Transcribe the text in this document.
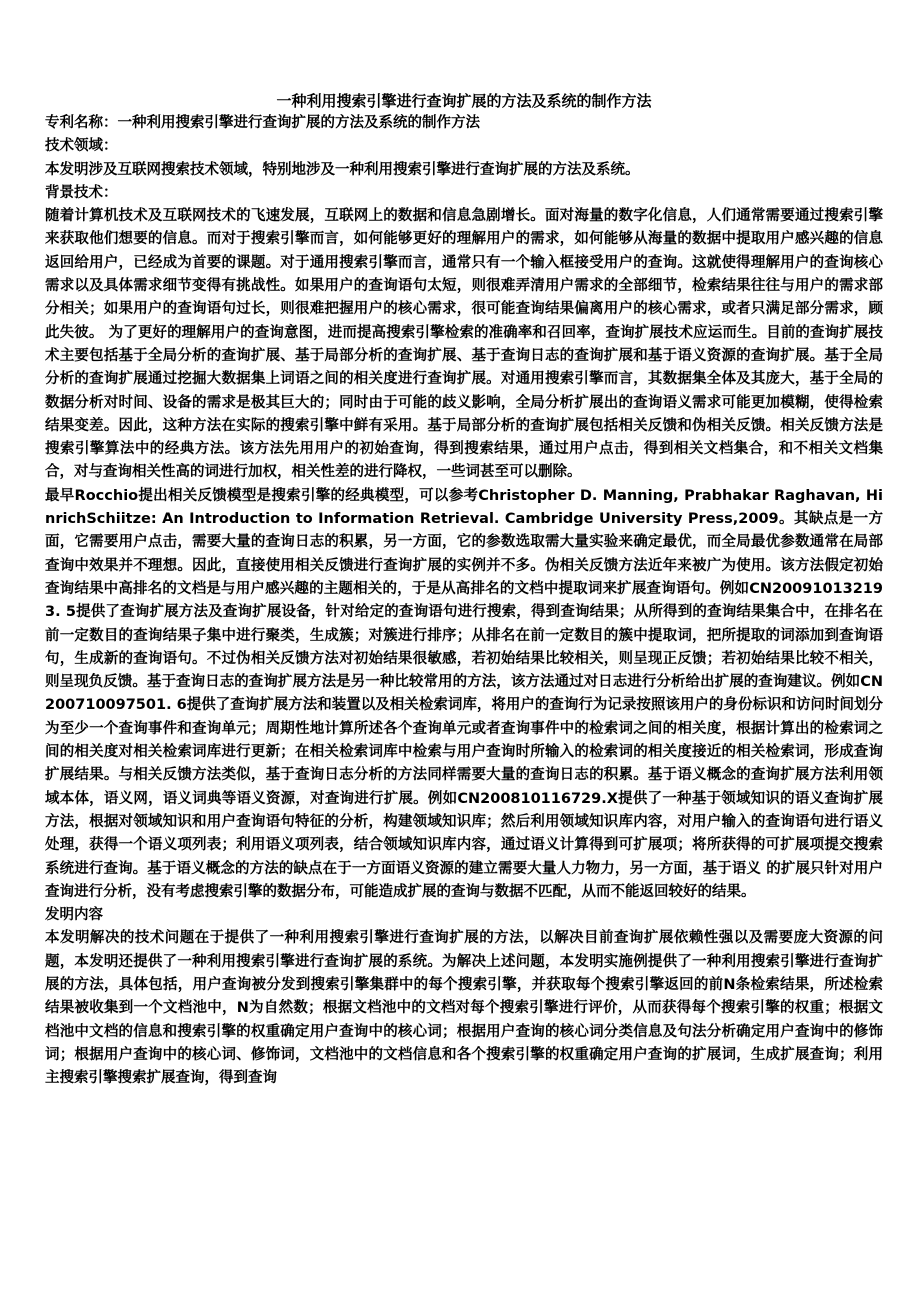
一种利用搜索引擎进行查询扩展的方法及系统的制作方法

专利名称：一种利用搜索引擎进行查询扩展的方法及系统的制作方法

技术领域：

本发明涉及互联网搜索技术领域，特别地涉及一种利用搜索引擎进行查询扩展的方法及系统。

背景技术：

随着计算机技术及互联网技术的飞速发展，互联网上的数据和信息急剧增长。面对海量的数字化信息，人们通常需要通过搜索引擎来获取他们想要的信息。而对于搜索引擎而言，如何能够更好的理解用户的需求，如何能够从海量的数据中提取用户感兴趣的信息返回给用户，已经成为首要的课题。对于通用搜索引擎而言，通常只有一个输入框接受用户的查询。这就使得理解用户的查询核心需求以及具体需求细节变得有挑战性。如果用户的查询语句太短，则很难弄清用户需求的全部细节，检索结果往往与用户的需求部分相关；如果用户的查询语句过长，则很难把握用户的核心需求，很可能查询结果偏离用户的核心需求，或者只满足部分需求，顾此失彼。 为了更好的理解用户的查询意图，进而提高搜索引擎检索的准确率和召回率，查询扩展技术应运而生。目前的查询扩展技术主要包括基于全局分析的查询扩展、基于局部分析的查询扩展、基于查询日志的查询扩展和基于语义资源的查询扩展。基于全局分析的查询扩展通过挖掘大数据集上词语之间的相关度进行查询扩展。对通用搜索引擎而言，其数据集全体及其庞大，基于全局的数据分析对时间、设备的需求是极其巨大的；同时由于可能的歧义影响，全局分析扩展出的查询语义需求可能更加模糊，使得检索结果变差。因此，这种方法在实际的搜索引擎中鲜有采用。基于局部分析的查询扩展包括相关反馈和伪相关反馈。相关反馈方法是搜索引擎算法中的经典方法。该方法先用用户的初始查询，得到搜索结果，通过用户点击，得到相关文档集合，和不相关文档集合，对与查询相关性高的词进行加权，相关性差的进行降权，一些词甚至可以删除。

最早Rocchio提出相关反馈模型是搜索引擎的经典模型，可以参考Christopher D. Manning, Prabhakar Raghavan, HinrichSchiitze: An Introduction to Information Retrieval. Cambridge University Press,2009。其缺点是一方面，它需要用户点击，需要大量的查询日志的积累，另一方面，它的参数选取需大量实验来确定最优，而全局最优参数通常在局部查询中效果并不理想。因此，直接使用相关反馈进行查询扩展的实例并不多。伪相关反馈方法近年来被广为使用。该方法假定初始查询结果中高排名的文档是与用户感兴趣的主题相关的，于是从高排名的文档中提取词来扩展查询语句。例如CN200910132193. 5提供了查询扩展方法及查询扩展设备，针对给定的查询语句进行搜索，得到查询结果；从所得到的查询结果集合中，在排名在前一定数目的查询结果子集中进行聚类，生成簇；对簇进行排序；从排名在前一定数目的簇中提取词，把所提取的词添加到查询语句，生成新的查询语句。不过伪相关反馈方法对初始结果很敏感，若初始结果比较相关，则呈现正反馈；若初始结果比较不相关，则呈现负反馈。基于查询日志的查询扩展方法是另一种比较常用的方法，该方法通过对日志进行分析给出扩展的查询建议。例如CN200710097501. 6提供了查询扩展方法和装置以及相关检索词库，将用户的查询行为记录按照该用户的身份标识和访问时间划分为至少一个查询事件和查询单元；周期性地计算所述各个查询单元或者查询事件中的检索词之间的相关度，根据计算出的检索词之间的相关度对相关检索词库进行更新；在相关检索词库中检索与用户查询时所输入的检索词的相关度接近的相关检索词，形成查询扩展结果。与相关反馈方法类似，基于查询日志分析的方法同样需要大量的查询日志的积累。基于语义概念的查询扩展方法利用领域本体，语义网，语义词典等语义资源，对查询进行扩展。例如CN200810116729.X提供了一种基于领域知识的语义查询扩展方法，根据对领域知识和用户查询语句特征的分析，构建领域知识库；然后利用领域知识库内容，对用户输入的查询语句进行语义处理，获得一个语义项列表；利用语义项列表，结合领域知识库内容，通过语义计算得到可扩展项；将所获得的可扩展项提交搜索系统进行查询。基于语义概念的方法的缺点在于一方面语义资源的建立需要大量人力物力，另一方面，基于语义 的扩展只针对用户查询进行分析，没有考虑搜索引擎的数据分布，可能造成扩展的查询与数据不匹配，从而不能返回较好的结果。

发明内容

本发明解决的技术问题在于提供了一种利用搜索引擎进行查询扩展的方法，以解决目前查询扩展依赖性强以及需要庞大资源的问题，本发明还提供了一种利用搜索引擎进行查询扩展的系统。为解决上述问题，本发明实施例提供了一种利用搜索引擎进行查询扩展的方法，具体包括，用户查询被分发到搜索引擎集群中的每个搜索引擎，并获取每个搜索引擎返回的前N条检索结果，所述检索结果被收集到一个文档池中，N为自然数；根据文档池中的文档对每个搜索引擎进行评价，从而获得每个搜索引擎的权重；根据文档池中文档的信息和搜索引擎的权重确定用户查询中的核心词；根据用户查询的核心词分类信息及句法分析确定用户查询中的修饰词；根据用户查询中的核心词、修饰词，文档池中的文档信息和各个搜索引擎的权重确定用户查询的扩展词，生成扩展查询；利用主搜索引擎搜索扩展查询，得到查询
